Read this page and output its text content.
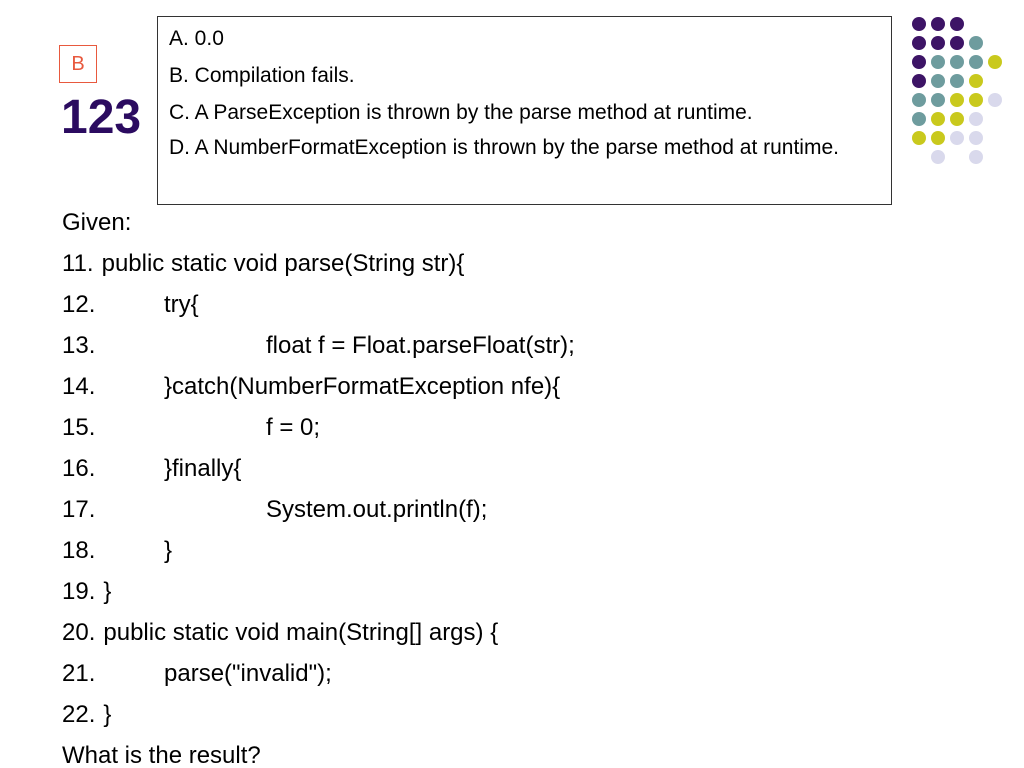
B
123
A. 0.0
B. Compilation fails.
C. A ParseException is thrown by the parse method at runtime.
D. A NumberFormatException is thrown by the parse method at runtime.
Given:
11. public static void parse(String str){
12.	try{
13.	float f = Float.parseFloat(str);
14.	}catch(NumberFormatException nfe){
15.	f = 0;
16.	}finally{
17.	System.out.println(f);
18.	}
19. }
20. public static void main(String[] args) {
21.	parse("invalid");
22. }
What is the result?
